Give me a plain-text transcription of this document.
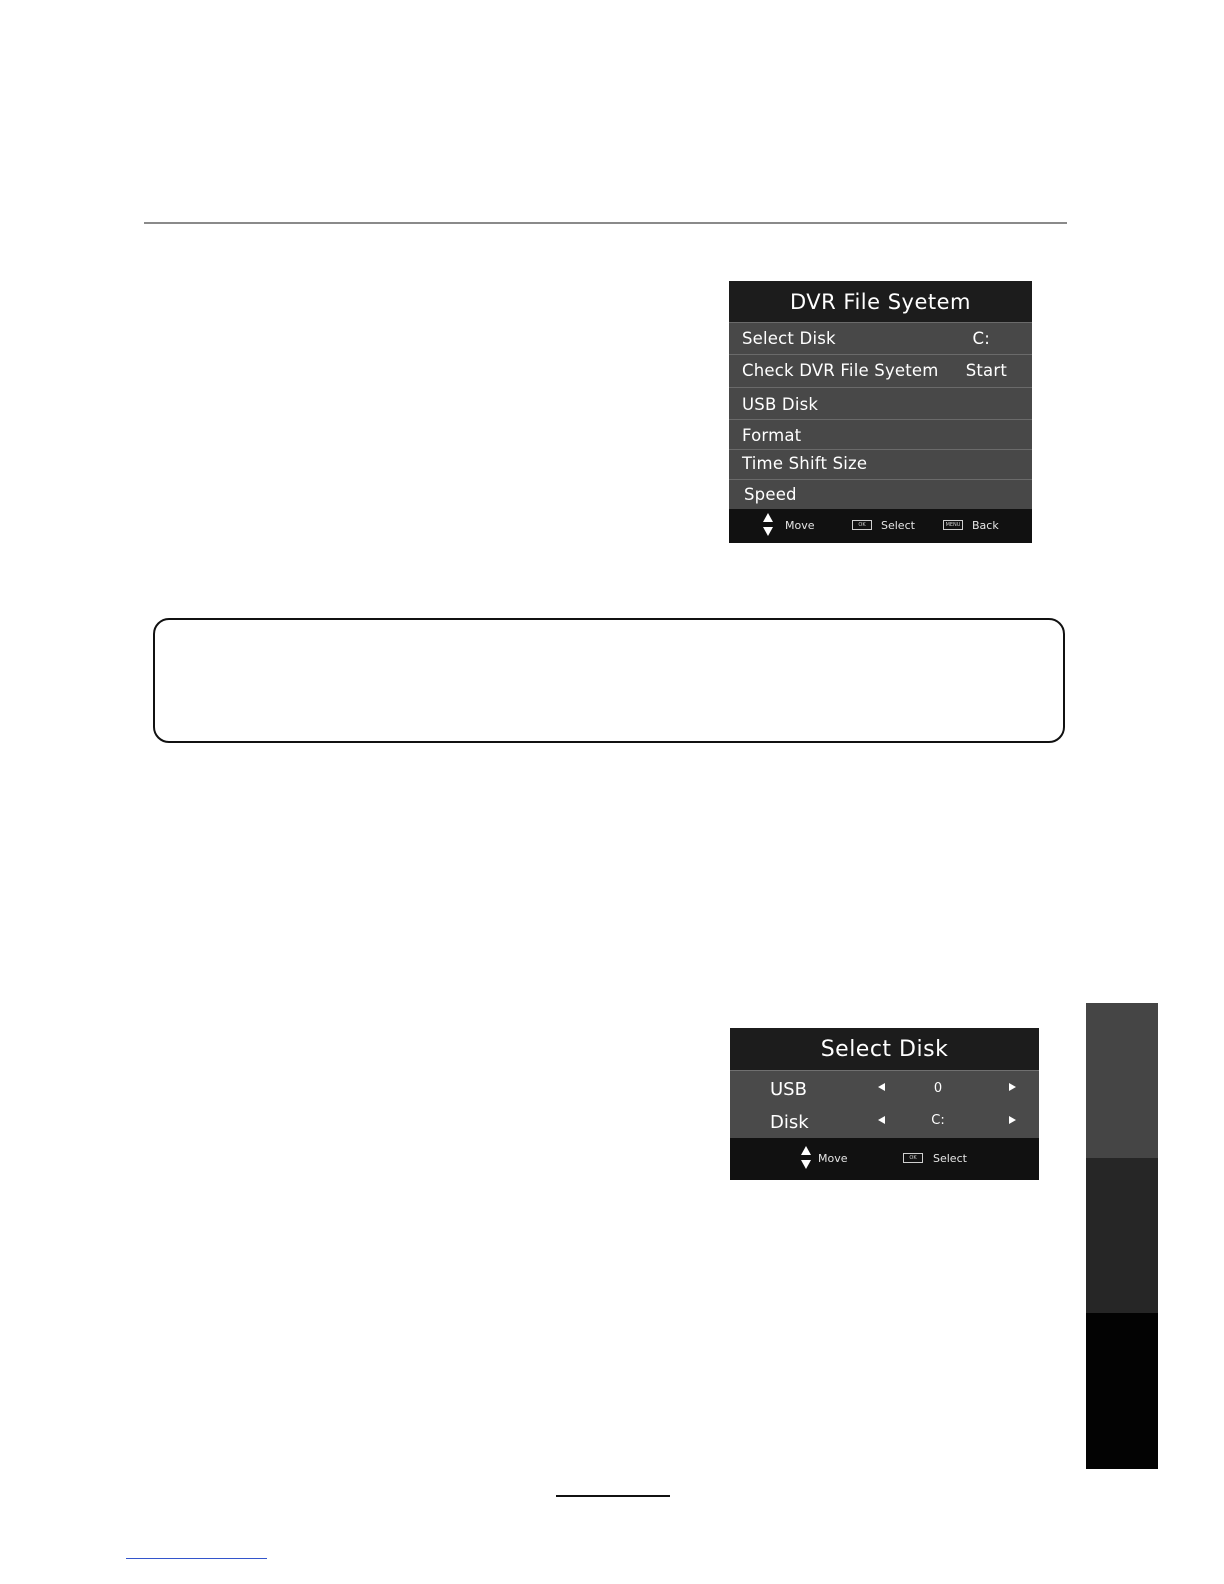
DVR File Syetem
Select Disk	C:
Check DVR File Syetem Start
USB Disk
Format
Time Shift Size
Speed
Move	OK	Select	MENU Back
Select Disk
USB	0
Disk	C:
Move	OK	Select
